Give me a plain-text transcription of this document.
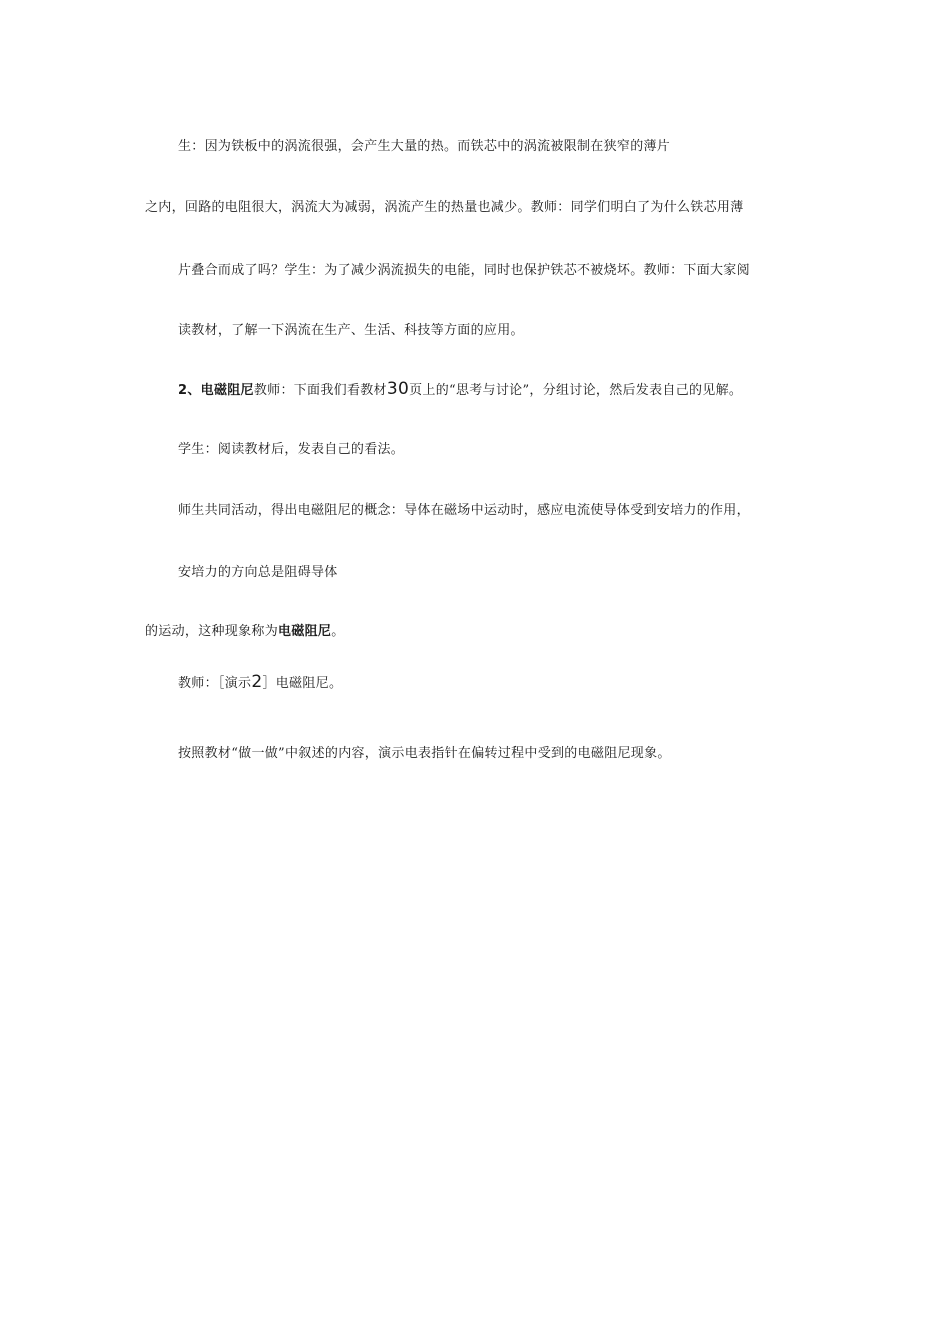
生：因为铁板中的涡流很强，会产生大量的热。而铁芯中的涡流被限制在狭窄的薄片
之内，回路的电阻很大，涡流大为减弱，涡流产生的热量也减少。教师：同学们明白了为什么铁芯用薄
片叠合而成了吗？学生：为了减少涡流损失的电能，同时也保护铁芯不被烧坏。教师：下面大家阅
读教材，了解一下涡流在生产、生活、科技等方面的应用。
2、电磁阻尼教师：下面我们看教材30页上的“思考与讨论”，分组讨论，然后发表自己的见解。
学生：阅读教材后，发表自己的看法。
师生共同活动，得出电磁阻尼的概念：导体在磁场中运动时，感应电流使导体受到安培力的作用，
安培力的方向总是阻碍导体
的运动，这种现象称为电磁阻尼。
教师：［演示2］电磁阻尼。
按照教材“做一做”中叙述的内容，演示电表指针在偏转过程中受到的电磁阻尼现象。
